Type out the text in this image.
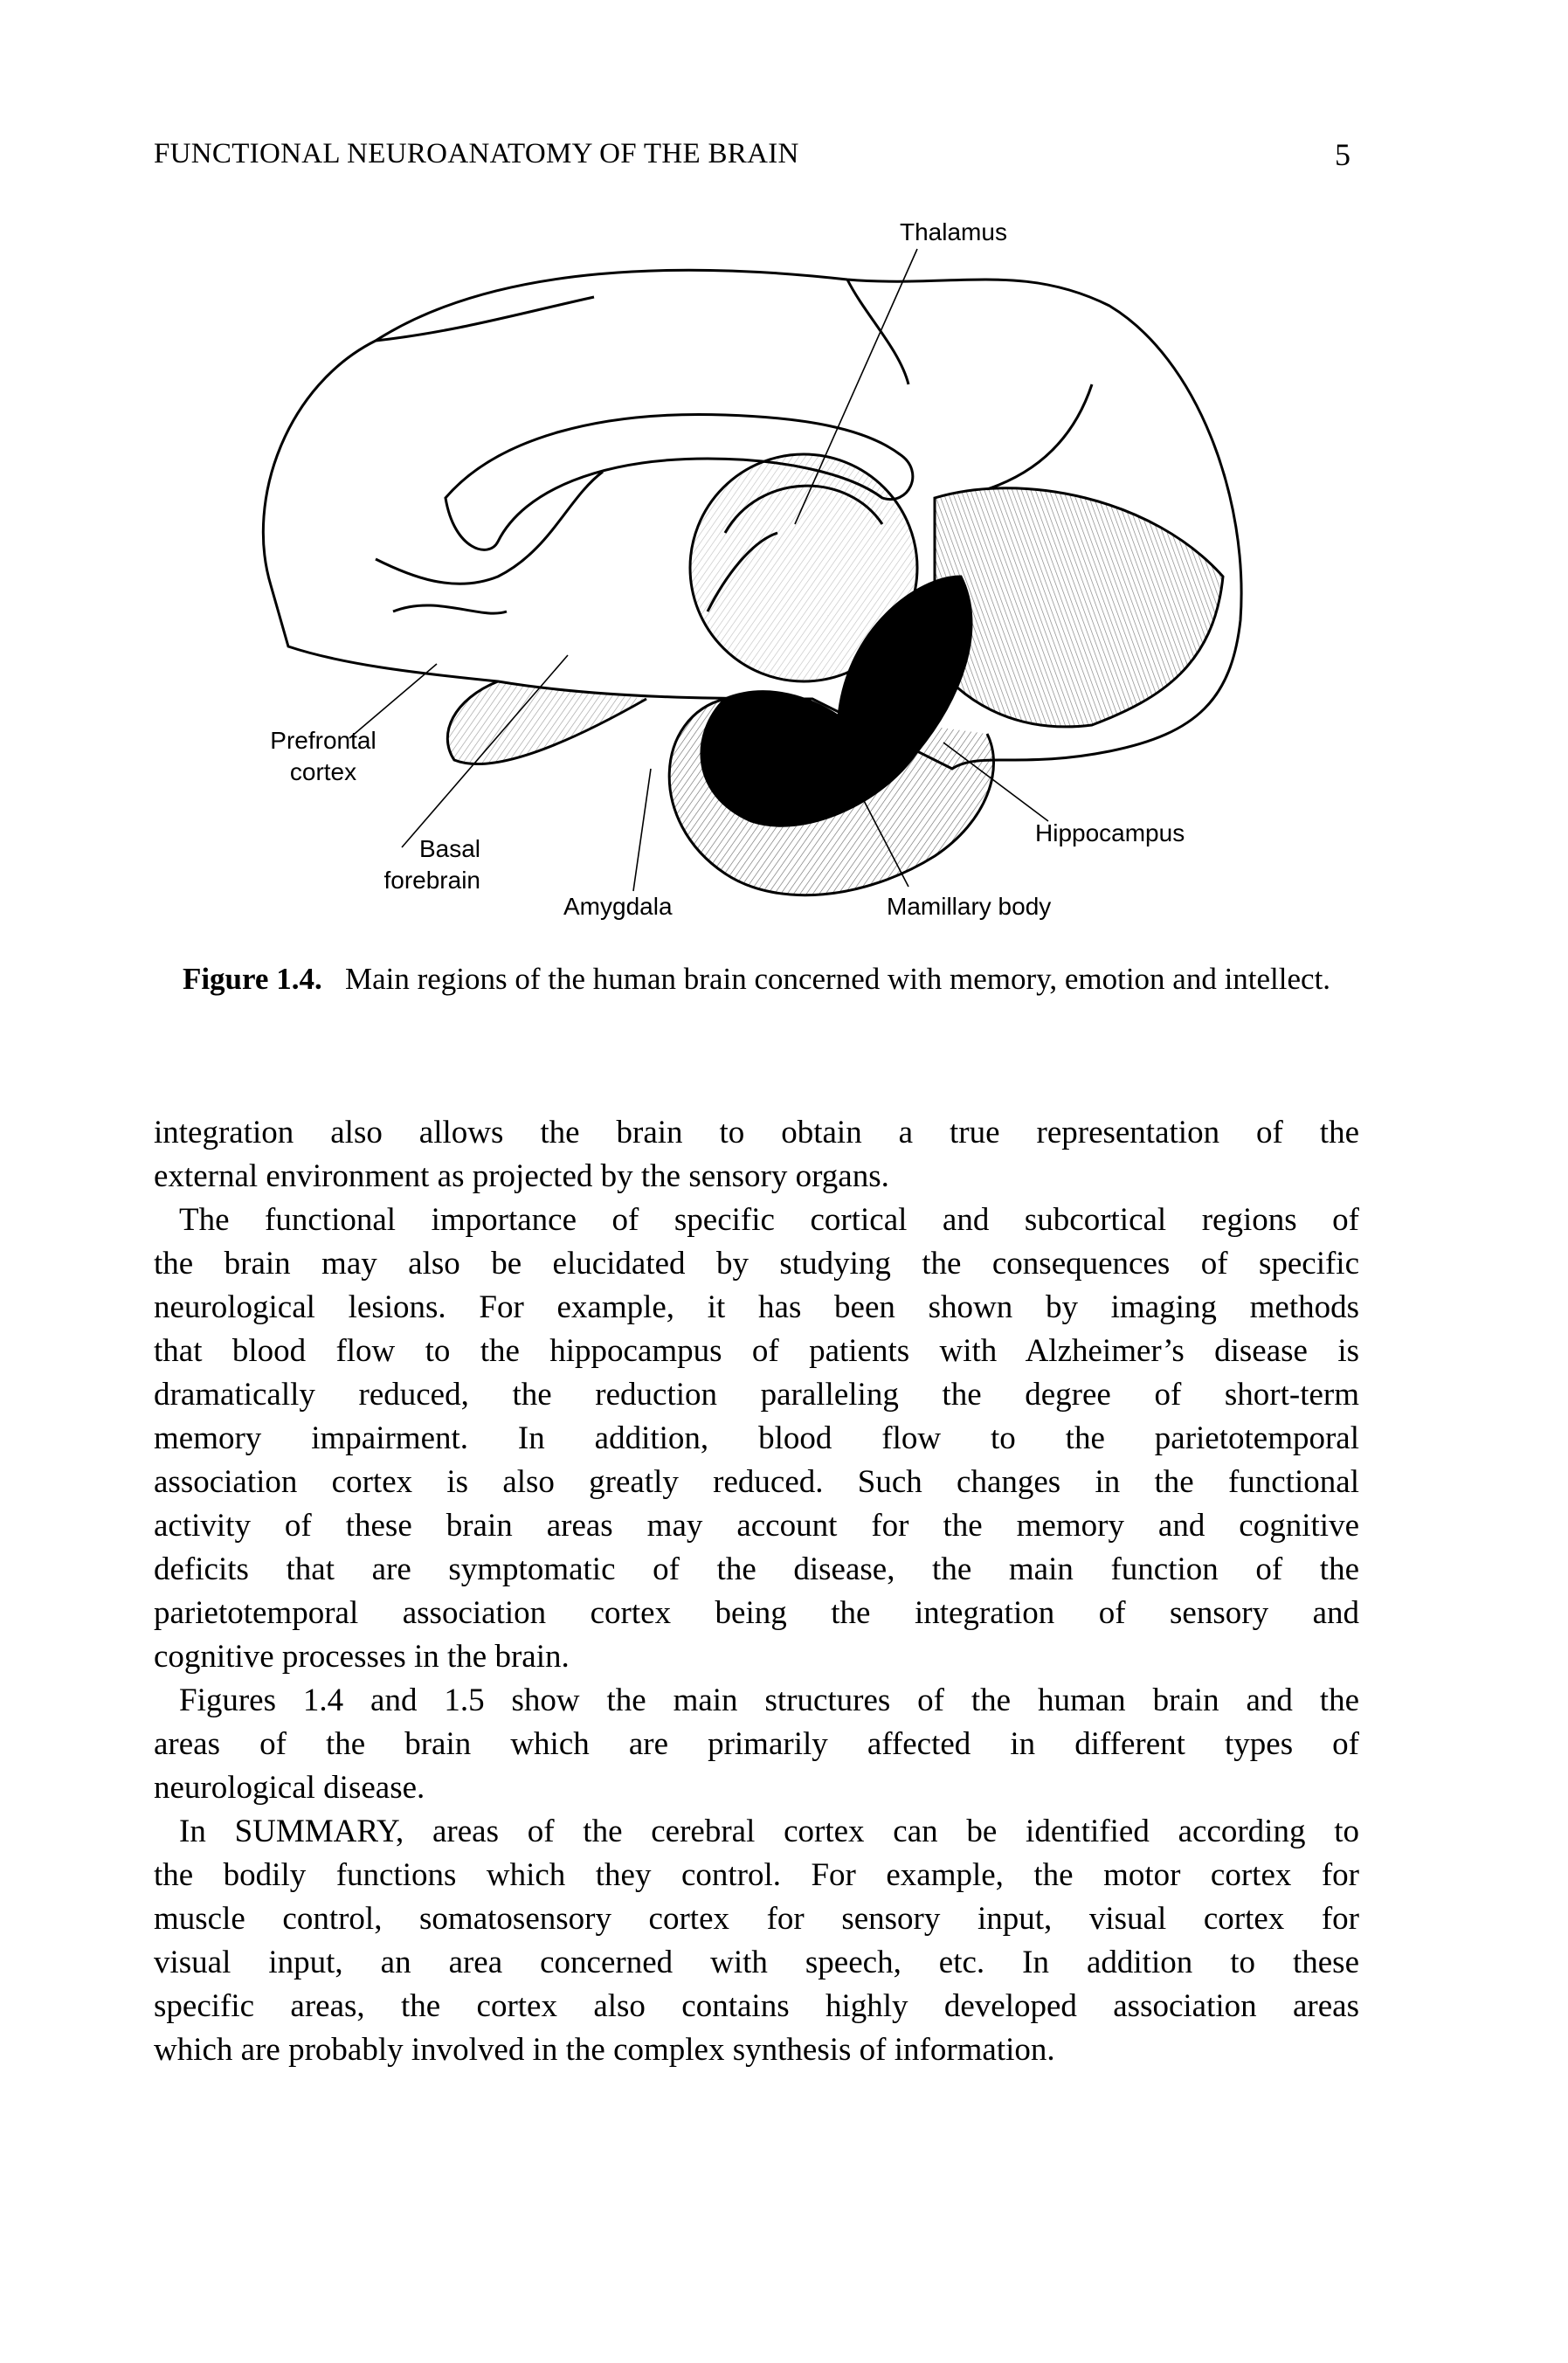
FUNCTIONAL NEUROANATOMY OF THE BRAIN	5
Thalamus
Prefrontal
cortex
Basal
forebrain
Amygdala	Mamillary body
Hippocampus
Figure 1.4. Main regions of the human brain concerned with memory, emotion and intellect.
integration also allows the brain to obtain a true representation of the
external environment as projected by the sensory organs.
The functional importance of specific cortical and subcortical regions of
the brain may also be elucidated by studying the consequences of specific
neurological lesions. For example, it has been shown by imaging methods
that blood flow to the hippocampus of patients with Alzheimer’s disease is
dramatically reduced, the reduction paralleling the degree of short-term
memory impairment. In addition, blood flow to the parietotemporal
association cortex is also greatly reduced. Such changes in the functional
activity of these brain areas may account for the memory and cognitive
deficits that are symptomatic of the disease, the main function of the
parietotemporal association cortex being the integration of sensory and
cognitive processes in the brain.
Figures 1.4 and 1.5 show the main structures of the human brain and the
areas of the brain which are primarily affected in different types of
neurological disease.
In SUMMARY, areas of the cerebral cortex can be identified according to
the bodily functions which they control. For example, the motor cortex for
muscle control, somatosensory cortex for sensory input, visual cortex for
visual input, an area concerned with speech, etc. In addition to these
specific areas, the cortex also contains highly developed association areas
which are probably involved in the complex synthesis of information.
